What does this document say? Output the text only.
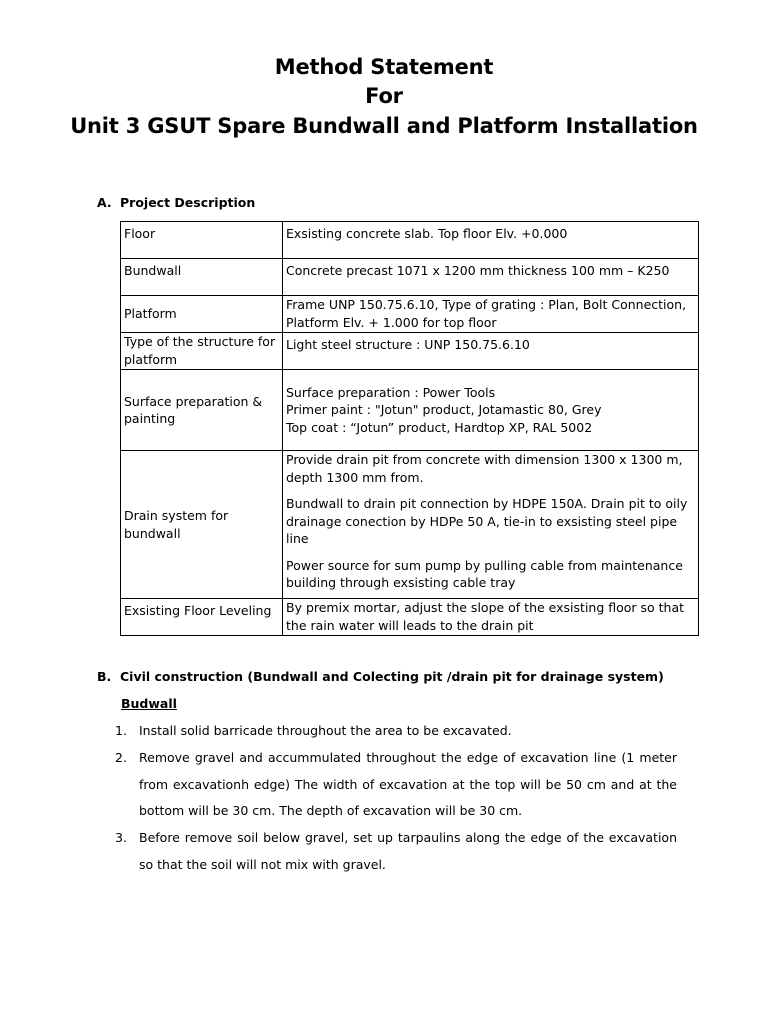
Method Statement
For
Unit 3 GSUT Spare Bundwall and Platform Installation
A. Project Description
Floor	Exsisting concrete slab. Top floor Elv. +0.000

Bundwall	Concrete precast 1071 x 1200 mm thickness 100 mm – K250

Platform	Frame UNP 150.75.6.10, Type of grating : Plan, Bolt Connection, Platform Elv. + 1.000 for top floor

Type of the structure for platform	Light steel structure : UNP 150.75.6.10

Surface preparation & painting	Surface preparation : Power Tools

Primer paint : "Jotun" product, Jotamastic 80, Grey

Top coat : “Jotun” product, Hardtop XP, RAL 5002

Drain system for bundwall	Provide drain pit from concrete with dimension 1300 x 1300 m, depth 1300 mm from.

Bundwall to drain pit connection by HDPE 150A. Drain pit to oily drainage conection by HDPe 50 A, tie-in to exsisting steel pipe line

Power source for sum pump by pulling cable from maintenance building through exsisting cable tray

Exsisting Floor Leveling	By premix mortar, adjust the slope of the exsisting floor so that the rain water will leads to the drain pit

B. Civil construction (Bundwall and Colecting pit /drain pit for drainage system)
Budwall
1. Install solid barricade throughout the area to be excavated.
2. Remove gravel and accummulated throughout the edge of excavation line (1 meter from excavationh edge) The width of excavation at the top will be 50 cm and at the bottom will be 30 cm. The depth of excavation will be 30 cm.
3. Before remove soil below gravel, set up tarpaulins along the edge of the excavation so that the soil will not mix with gravel.
